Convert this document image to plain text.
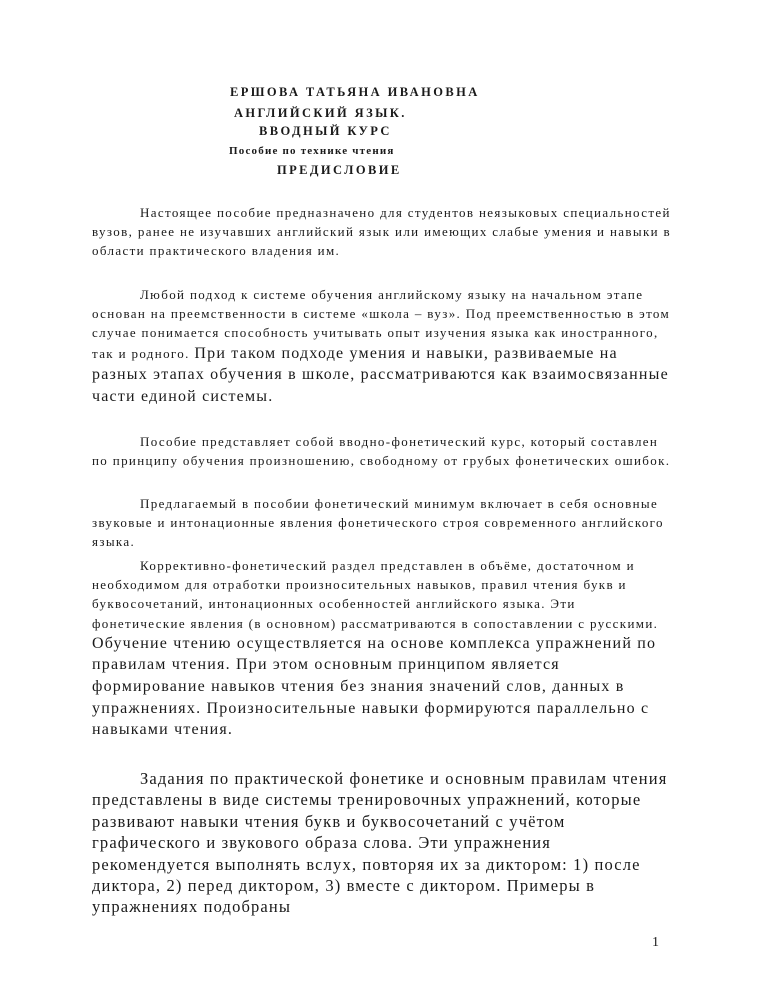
ЕРШОВА ТАТЬЯНА ИВАНОВНА

АНГЛИЙСКИЙ ЯЗЫК.

ВВОДНЫЙ КУРС

Пособие по технике чтения

ПРЕДИСЛОВИЕ

Настоящее пособие предназначено для студентов неязыковых специальностей вузов, ранее не изучавших английский язык или имеющих слабые умения и навыки в области практического владения им.

Любой подход к системе обучения английскому языку на начальном этапе основан на преемственности в системе «школа – вуз». Под преемственностью в этом случае понимается способность учитывать опыт изучения языка как иностранного, так и родного. При таком подходе умения и навыки, развиваемые на разных этапах обучения в школе, рассматриваются как взаимосвязанные части единой системы.

Пособие представляет собой вводно-фонетический курс, который составлен по принципу обучения произношению, свободному от грубых фонетических ошибок.

Предлагаемый в пособии фонетический минимум включает в себя основные звуковые и интонационные явления фонетического строя современного английского языка.

Коррективно-фонетический раздел представлен в объёме, достаточном и необходимом для отработки произносительных навыков, правил чтения букв и буквосочетаний, интонационных особенностей английского языка. Эти фонетические явления (в основном) рассматриваются в сопоставлении с русскими. Обучение чтению осуществляется на основе комплекса упражнений по правилам чтения. При этом основным принципом является формирование навыков чтения без знания значений слов, данных в упражнениях. Произносительные навыки формируются параллельно с навыками чтения.

Задания по практической фонетике и основным правилам чтения представлены в виде системы тренировочных упражнений, которые развивают навыки чтения букв и буквосочетаний с учётом графического и звукового образа слова. Эти упражнения рекомендуется выполнять вслух, повторяя их за диктором: 1) после диктора, 2) перед диктором, 3) вместе с диктором. Примеры в упражнениях подобраны

1
